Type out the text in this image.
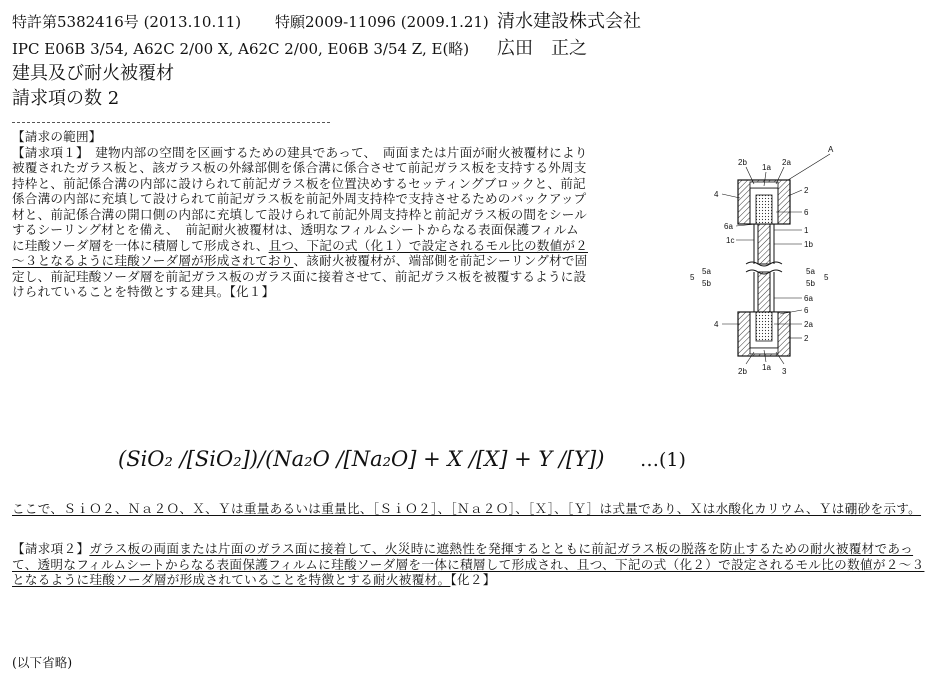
特許第5382416号 (2013.10.11) 特願2009-11096 (2009.1.21) 清水建設株式会社
IPC E06B 3/54, A62C 2/00 X, A62C 2/00, E06B 3/54 Z, E(略) 広田　正之
建具及び耐火被覆材
請求項の数 2
【請求の範囲】
【請求項１】　建物内部の空間を区画するための建具であって、　両面または片面が耐火被覆材により被覆されたガラス板と、該ガラス板の外縁部側を係合溝に係合させて前記ガラス板を支持する外周支持枠と、前記係合溝の内部に設けられて前記ガラス板を位置決めするセッティングブロックと、前記係合溝の内部に充填して設けられて前記ガラス板を前記外周支持枠で支持させるためのバックアップ材と、前記係合溝の開口側の内部に充填して設けられて前記外周支持枠と前記ガラス板の間をシールするシーリング材とを備え、　前記耐火被覆材は、透明なフィルムシートからなる表面保護フィルムに珪酸ソーダ層を一体に積層して形成され、且つ、下記の式（化１）で設定されるモル比の数値が２～３となるように珪酸ソーダ層が形成されており、該耐火被覆材が、端部側を前記シーリング材で固定し、前記珪酸ソーダ層を前記ガラス板のガラス面に接着させて、前記ガラス板を被覆するように設けられていることを特徴とする建具。【化１】
(SiO₂ /[SiO₂])/(Na₂O /[Na₂O] + X /[X] + Y /[Y]) …(1)
ここで、ＳｉＯ２、Ｎａ２Ｏ、Ｘ、Ｙは重量あるいは重量比、［ＳｉＯ２］、［Ｎａ２Ｏ］、［Ｘ］、［Ｙ］は式量であり、Ｘは水酸化カリウム、Ｙは硼砂を示す。
【請求項２】ガラス板の両面または片面のガラス面に接着して、火災時に遮熱性を発揮するとともに前記ガラス板の脱落を防止するための耐火被覆材であって、透明なフィルムシートからなる表面保護フィルムに珪酸ソーダ層を一体に積層して形成され、且つ、下記の式（化２）で設定されるモル比の数値が２～３となるように珪酸ソーダ層が形成されていることを特徴とする耐火被覆材。【化２】
(以下省略)
A
2b
1a
2a
4	2
6
6a	1
1c	1b
5
5a
5b
5a
5b
5
6a
6
4	2a
2
2b 1a 3
